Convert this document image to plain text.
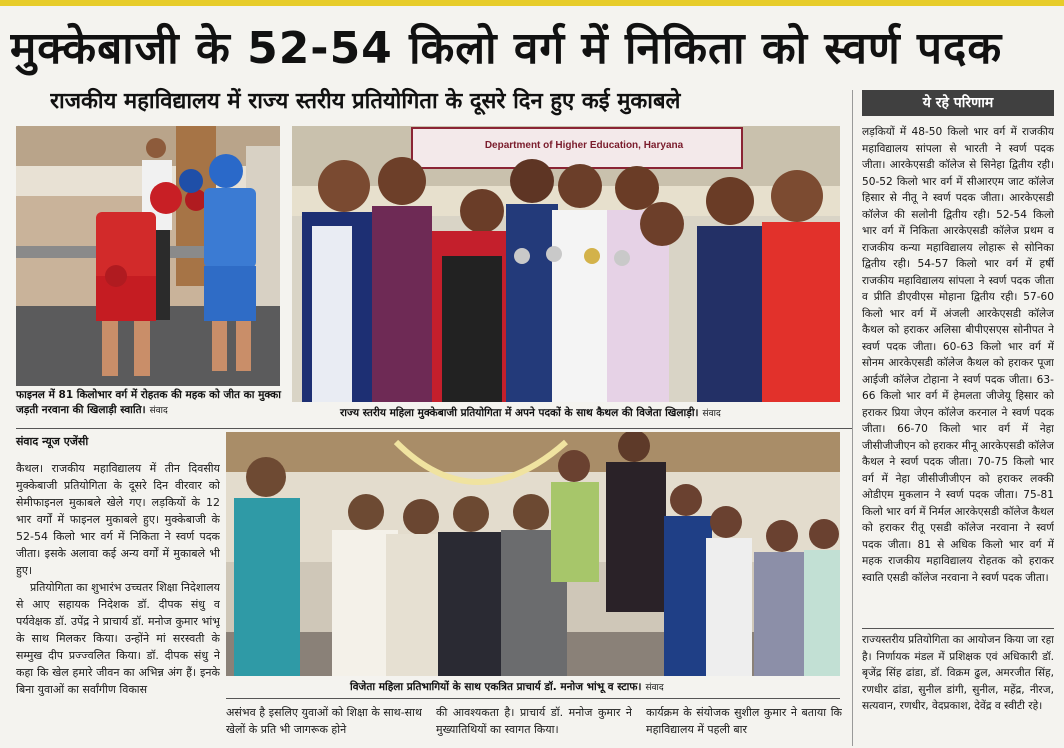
मुक्केबाजी के 52-54 किलो वर्ग में निकिता को स्वर्ण पदक
राजकीय महाविद्यालय में राज्य स्तरीय प्रतियोगिता के दूसरे दिन हुए कई मुकाबले
फाइनल में 81 किलोभार वर्ग में रोहतक की महक को जीत का मुक्का जड़ती नरवाना की खिलाड़ी स्वाति। संवाद
Department of Higher Education, Haryana
राज्य स्तरीय महिला मुक्केबाजी प्रतियोगिता में अपने पदकों के साथ कैथल की विजेता खिलाड़ी। संवाद
संवाद न्यूज एजेंसी

कैथल। राजकीय महाविद्यालय में तीन दिवसीय मुक्केबाजी प्रतियोगिता के दूसरे दिन वीरवार को सेमीफाइनल मुकाबले खेले गए। लड़कियों के 12 भार वर्गों में फाइनल मुकाबले हुए। मुक्केबाजी के 52-54 किलो भार वर्ग में निकिता ने स्वर्ण पदक जीता। इसके अलावा कई अन्य वर्गों में मुकाबले भी हुए।

प्रतियोगिता का शुभारंभ उच्चतर शिक्षा निदेशालय से आए सहायक निदेशक डॉ. दीपक संधु व पर्यवेक्षक डॉ. उपेंद्र ने प्राचार्य डॉ. मनोज कुमार भांभू के साथ मिलकर किया। उन्होंने मां सरस्वती के सम्मुख दीप प्रज्ज्वलित किया। डॉ. दीपक संधु ने कहा कि खेल हमारे जीवन का अभिन्न अंग हैं। इनके बिना युवाओं का सर्वांगीण विकास	विजेता महिला प्रतिभागियों के साथ एकत्रित प्राचार्य डॉ. मनोज भांभू व स्टाफ। संवाद

असंभव है इसलिए युवाओं को शिक्षा के साथ-साथ खेलों के प्रति भी जागरूक होने

की आवश्यकता है। प्राचार्य डॉ. मनोज कुमार ने मुख्यातिथियों का स्वागत किया।

कार्यक्रम के संयोजक सुशील कुमार ने बताया कि महाविद्यालय में पहली बार

ये रहे परिणाम
लड़कियों में 48-50 किलो भार वर्ग में राजकीय महाविद्यालय सांपला से भारती ने स्वर्ण पदक जीता। आरकेएसडी कॉलेज से सिनेहा द्वितीय रही। 50-52 किलो भार वर्ग में सीआरएम जाट कॉलेज हिसार से नीतू ने स्वर्ण पदक जीता। आरकेएसडी कॉलेज की सलोनी द्वितीय रही। 52-54 किलो भार वर्ग में निकिता आरकेएसडी कॉलेज प्रथम व राजकीय कन्या महाविद्यालय लोहारू से सोनिका द्वितीय रही। 54-57 किलो भार वर्ग में हर्षी राजकीय महाविद्यालय सांपला ने स्वर्ण पदक जीता व प्रीति डीएवीएस मोहाना द्वितीय रही। 57-60 किलो भार वर्ग में अंजली आरकेएसडी कॉलेज कैथल को हराकर अलिसा बीपीएसएस सोनीपत ने स्वर्ण पदक जीता। 60-63 किलो भार वर्ग में सोनम आरकेएसडी कॉलेज कैथल को हराकर पूजा आईजी कॉलेज टोहाना ने स्वर्ण पदक जीता। 63-66 किलो भार वर्ग में हेमलता जीजेयू हिसार को हराकर प्रिया जेएन कॉलेज करनाल ने स्वर्ण पदक जीता। 66-70 किलो भार वर्ग में नेहा जीसीजीजीएन को हराकर मीनू आरकेएसडी कॉलेज कैथल ने स्वर्ण पदक जीता। 70-75 किलो भार वर्ग में नेहा जीसीजीजीएन को हराकर लक्की ओडीएम मुकलान ने स्वर्ण पदक जीता। 75-81 किलो भार वर्ग में निर्मल आरकेएसडी कॉलेज कैथल को हराकर रीतू एसडी कॉलेज नरवाना ने स्वर्ण पदक जीता। 81 से अधिक किलो भार वर्ग में महक राजकीय महाविद्यालय रोहतक को हराकर स्वाति एसडी कॉलेज नरवाना ने स्वर्ण पदक जीता।
राज्यस्तरीय प्रतियोगिता का आयोजन किया जा रहा है। निर्णायक मंडल में प्रशिक्षक एवं अधिकारी डॉ. बृजेंद्र सिंह ढांडा, डॉ. विक्रम ढुल, अमरजीत सिंह, रणधीर ढांडा, सुनील डांगी, सुनील, महेंद्र, नीरज, सत्यवान, रणधीर, वेदप्रकाश, देवेंद्र व स्वीटी रहे।
